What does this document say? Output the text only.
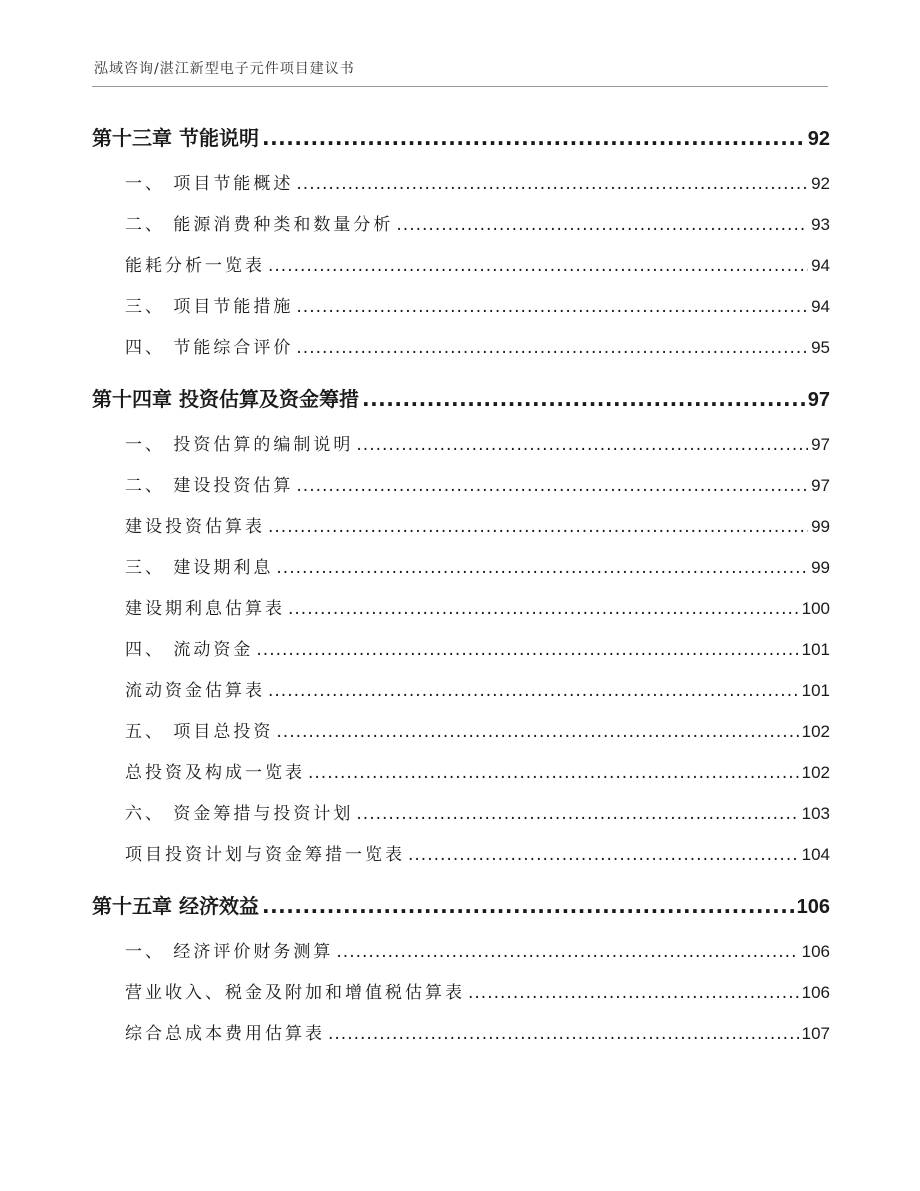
泓域咨询/湛江新型电子元件项目建议书
第十三章 节能说明 .....	92
一、 项目节能概述 .....	92
二、 能源消费种类和数量分析 .....	93
能耗分析一览表 .....	94
三、 项目节能措施 .....	94
四、 节能综合评价 .....	95
第十四章 投资估算及资金筹措 .....	97
一、 投资估算的编制说明 .....	97
二、 建设投资估算 .....	97
建设投资估算表 .....	99
三、 建设期利息 .....	99
建设期利息估算表 .....	100
四、 流动资金 .....	101
流动资金估算表 .....	101
五、 项目总投资 .....	102
总投资及构成一览表 .....	102
六、 资金筹措与投资计划 .....	103
项目投资计划与资金筹措一览表 .....	104
第十五章 经济效益 .....	106
一、 经济评价财务测算 .....	106
营业收入、税金及附加和增值税估算表 .....	106
综合总成本费用估算表 .....	107
